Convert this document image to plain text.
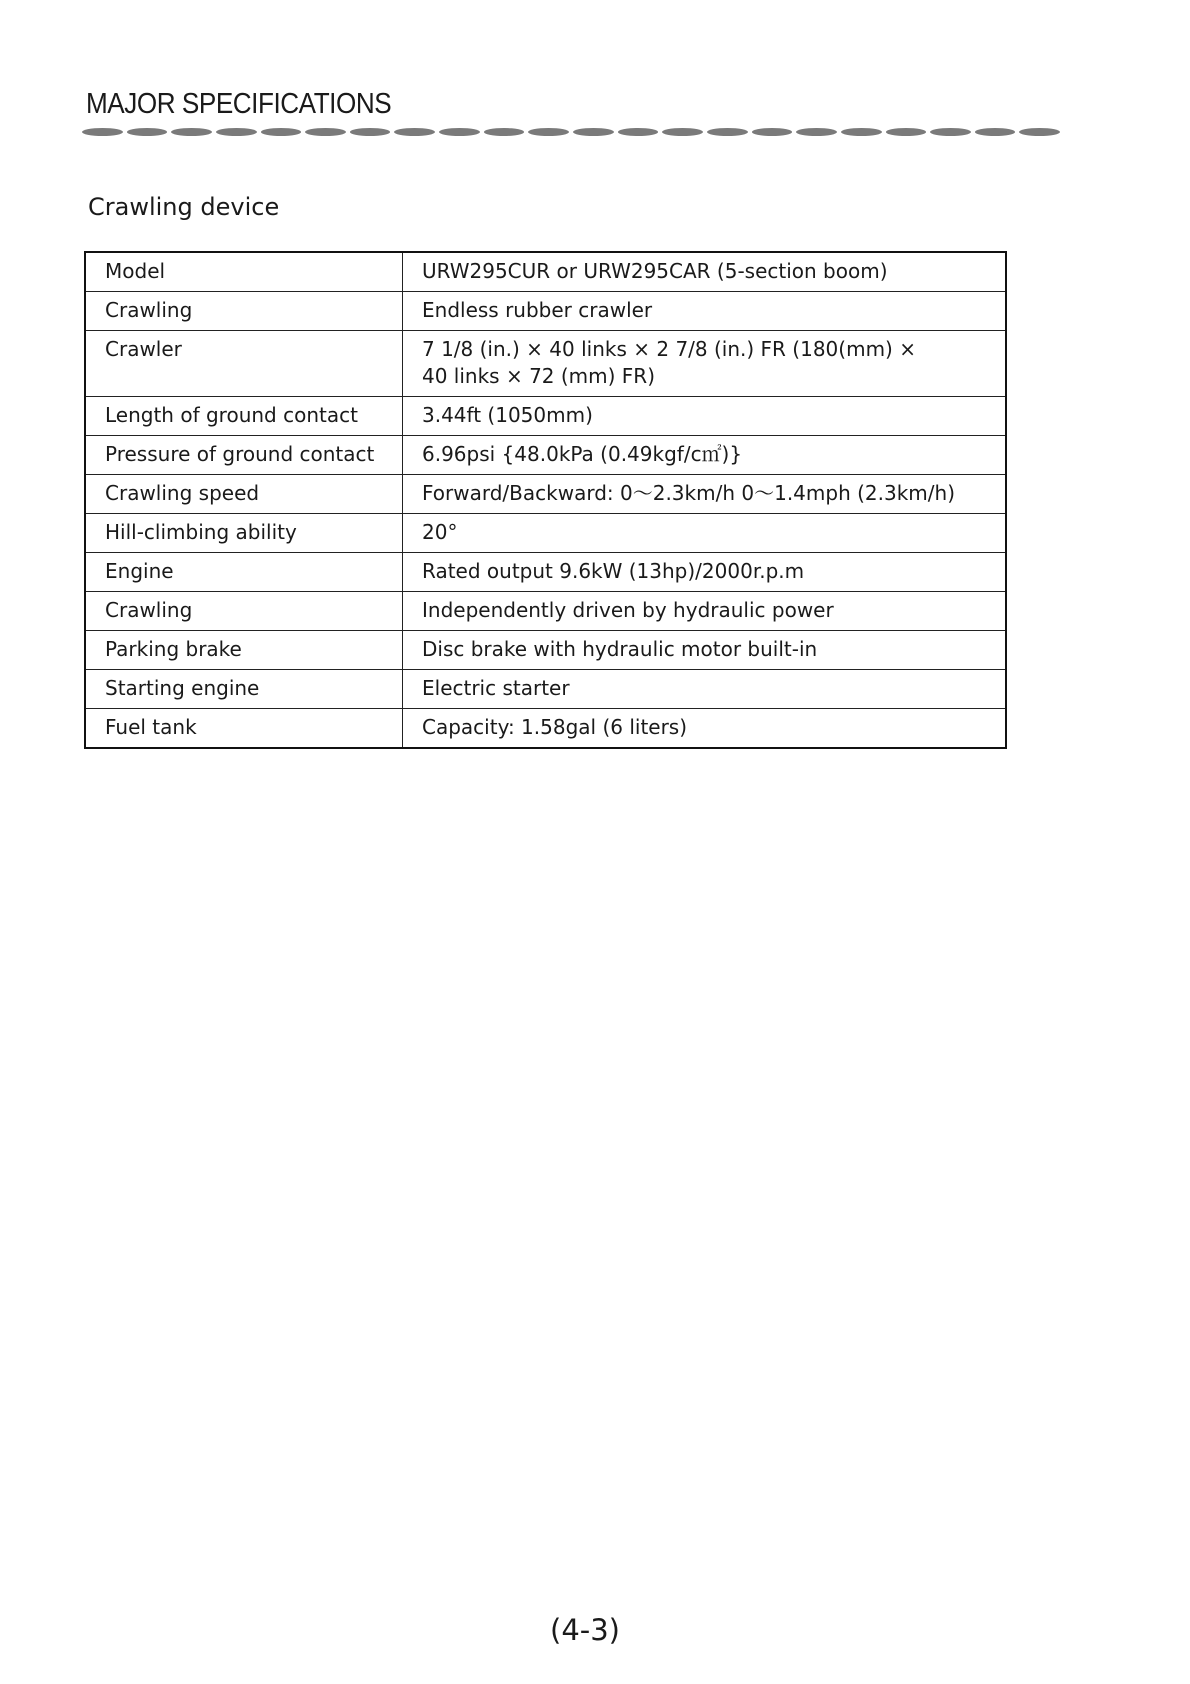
MAJOR SPECIFICATIONS
Crawling device
Model	URW295CUR or URW295CAR (5-section boom)

Crawling	Endless rubber crawler

Crawler	7 1/8 (in.) × 40 links × 2 7/8 (in.) FR (180(mm) ×
40 links × 72 (mm) FR)

Length of ground contact	3.44ft (1050mm)

Pressure of ground contact	6.96psi {48.0kPa (0.49kgf/c㎡)}

Crawling speed	Forward/Backward: 0〜2.3km/h 0〜1.4mph (2.3km/h)

Hill-climbing ability	20°

Engine	Rated output 9.6kW (13hp)/2000r.p.m

Crawling	Independently driven by hydraulic power

Parking brake	Disc brake with hydraulic motor built-in

Starting engine	Electric starter

Fuel tank	Capacity: 1.58gal (6 liters)
(4-3)
